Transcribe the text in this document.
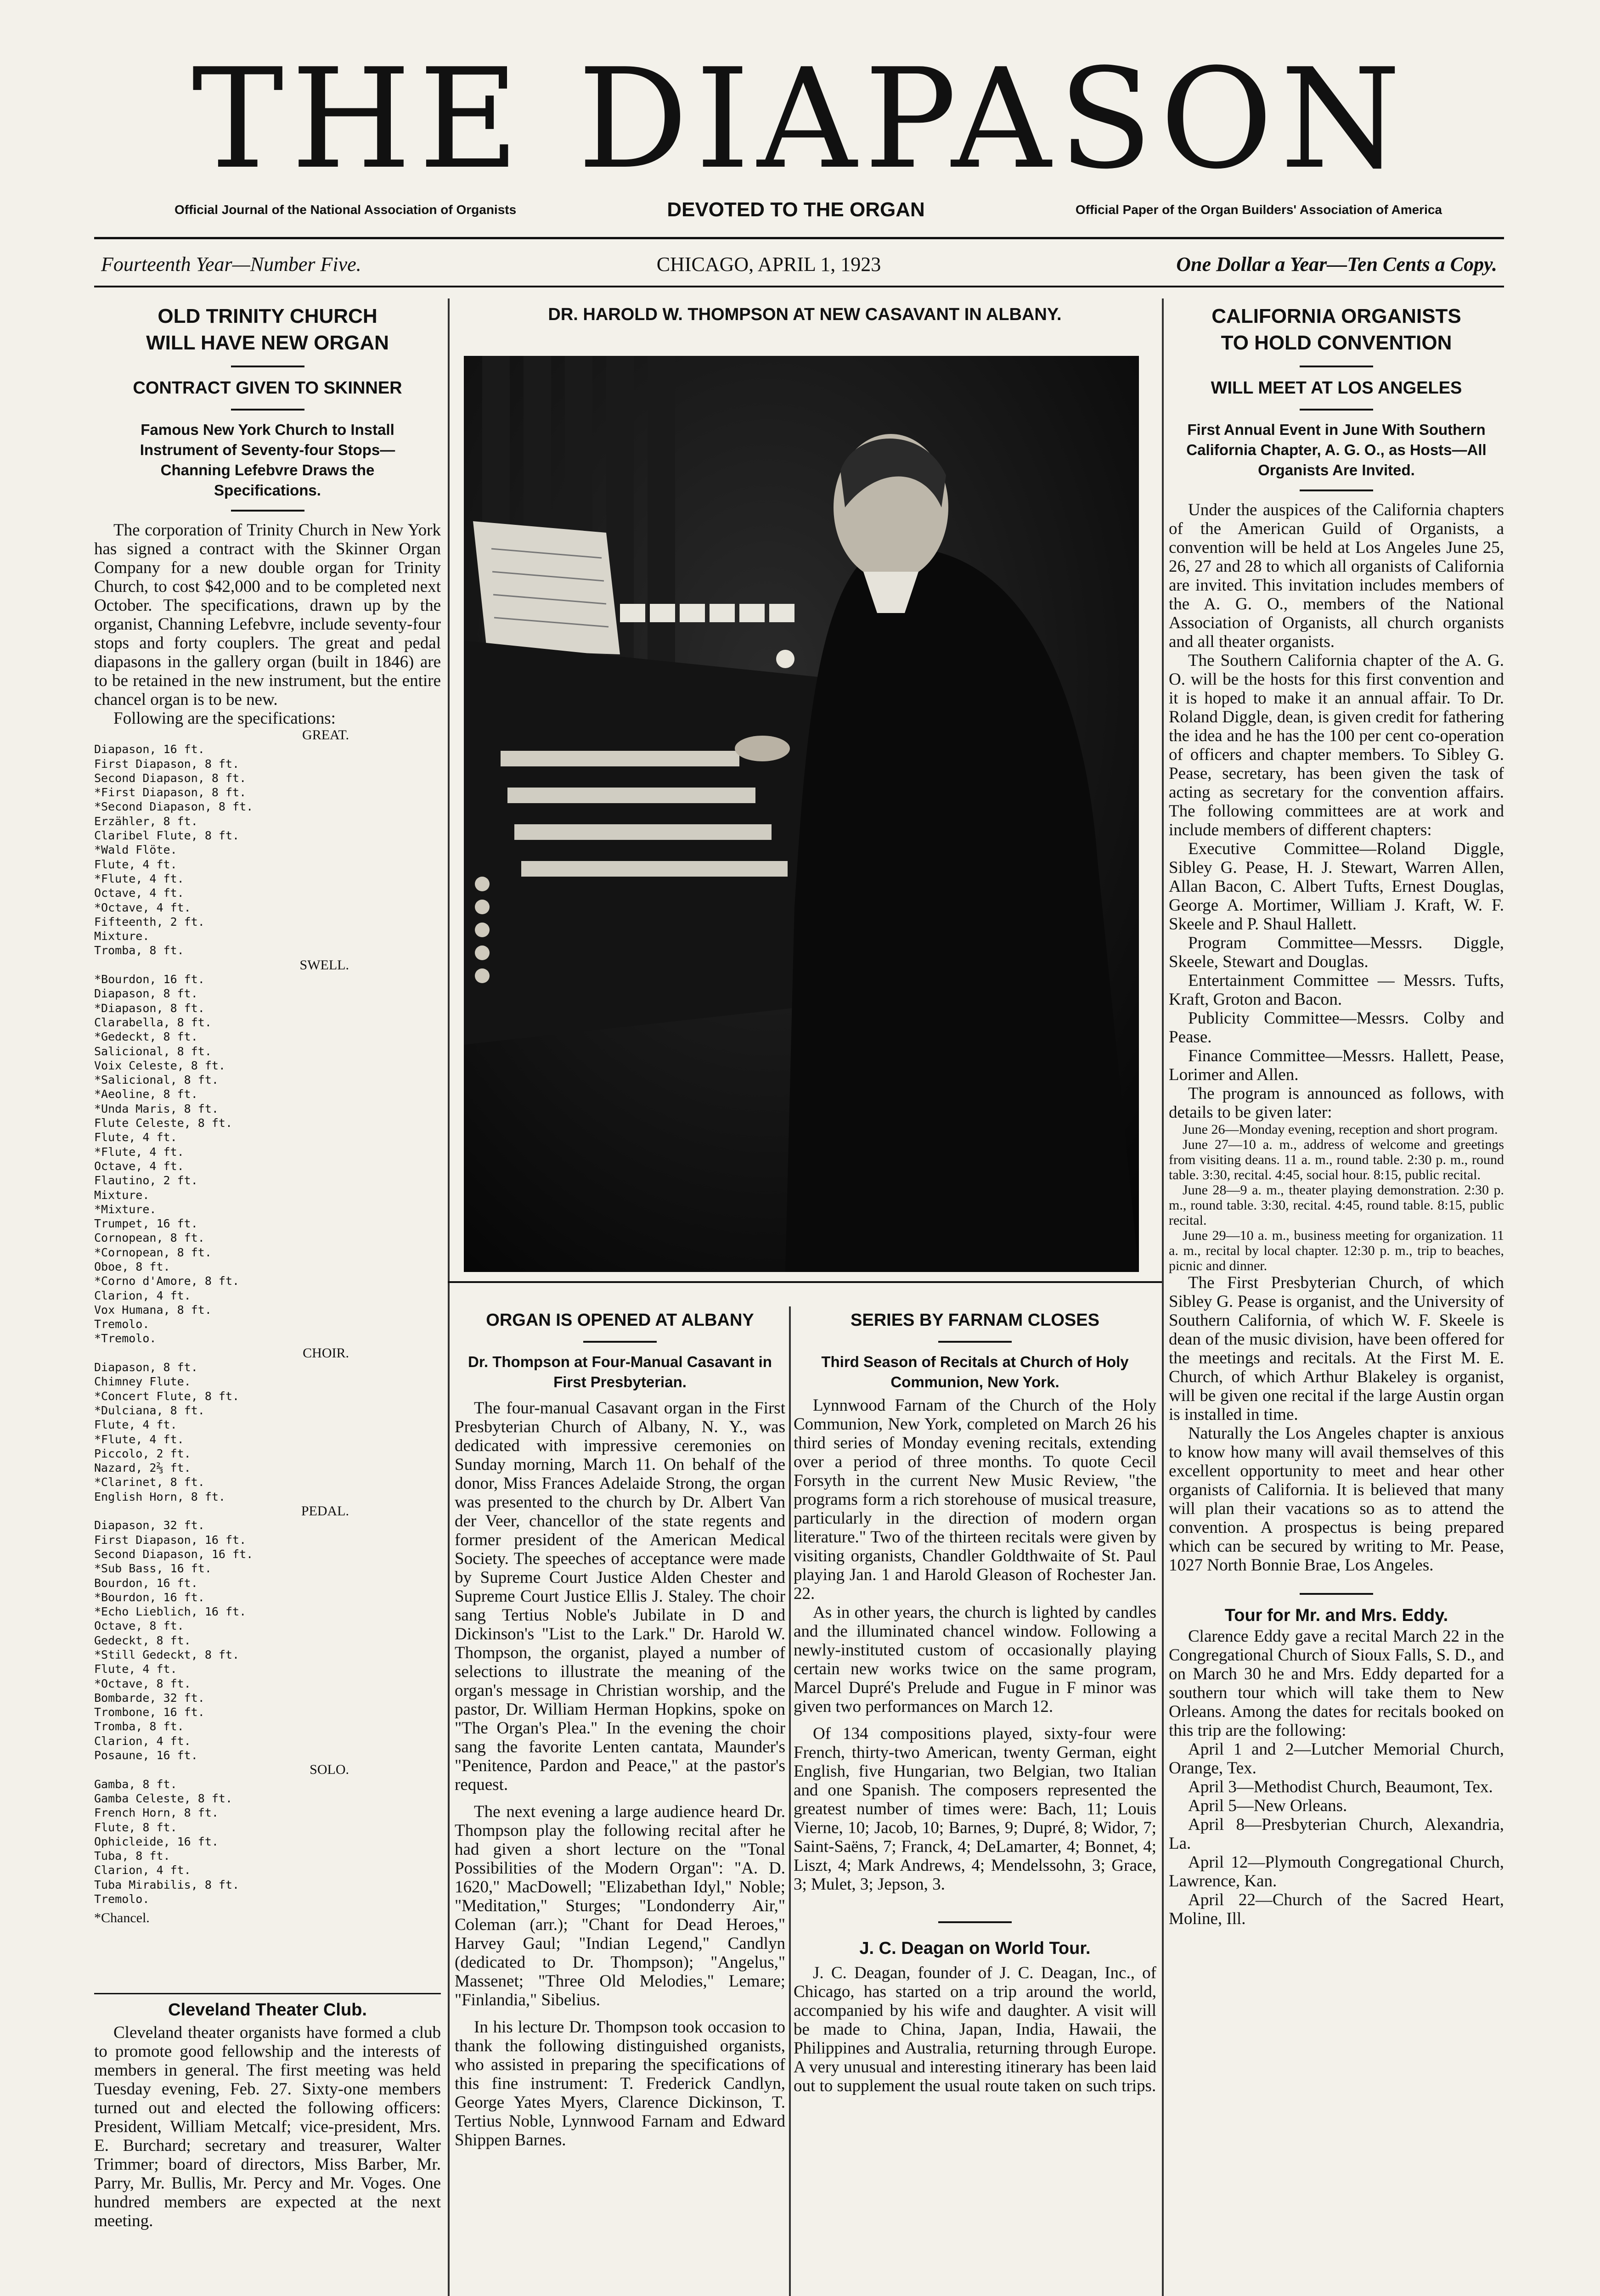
THE DIAPASON
Official Journal of the National Association of Organists	DEVOTED TO THE ORGAN	Official Paper of the Organ Builders' Association of America
Fourteenth Year—Number Five.	CHICAGO, APRIL 1, 1923	One Dollar a Year—Ten Cents a Copy.
OLD TRINITY CHURCH
WILL HAVE NEW ORGAN
CONTRACT GIVEN TO SKINNER
Famous New York Church to Install Instrument of Seventy-four Stops—Channing Lefebvre Draws the Specifications.

The corporation of Trinity Church in New York has signed a contract with the Skinner Organ Company for a new double organ for Trinity Church, to cost $42,000 and to be completed next October. The specifications, drawn up by the organist, Channing Lefebvre, include seventy-four stops and forty couplers. The great and pedal diapasons in the gallery organ (built in 1846) are to be retained in the new instrument, but the entire chancel organ is to be new.

Following are the specifications:

GREAT.
Diapason, 16 ft.
First Diapason, 8 ft.
Second Diapason, 8 ft.
*First Diapason, 8 ft.
*Second Diapason, 8 ft.
Erzähler, 8 ft.
Claribel Flute, 8 ft.
*Wald Flöte.
Flute, 4 ft.
*Flute, 4 ft.
Octave, 4 ft.
*Octave, 4 ft.
Fifteenth, 2 ft.
Mixture.
Tromba, 8 ft.
SWELL.
*Bourdon, 16 ft.
Diapason, 8 ft.
*Diapason, 8 ft.
Clarabella, 8 ft.
*Gedeckt, 8 ft.
Salicional, 8 ft.
Voix Celeste, 8 ft.
*Salicional, 8 ft.
*Aeoline, 8 ft.
*Unda Maris, 8 ft.
Flute Celeste, 8 ft.
Flute, 4 ft.
*Flute, 4 ft.
Octave, 4 ft.
Flautino, 2 ft.
Mixture.
*Mixture.
Trumpet, 16 ft.
Cornopean, 8 ft.
*Cornopean, 8 ft.
Oboe, 8 ft.
*Corno d'Amore, 8 ft.
Clarion, 4 ft.
Vox Humana, 8 ft.
Tremolo.
*Tremolo.
CHOIR.
Diapason, 8 ft.
Chimney Flute.
*Concert Flute, 8 ft.
*Dulciana, 8 ft.
Flute, 4 ft.
*Flute, 4 ft.
Piccolo, 2 ft.
Nazard, 2⅔ ft.
*Clarinet, 8 ft.
English Horn, 8 ft.
PEDAL.
Diapason, 32 ft.
First Diapason, 16 ft.
Second Diapason, 16 ft.
*Sub Bass, 16 ft.
Bourdon, 16 ft.
*Bourdon, 16 ft.
*Echo Lieblich, 16 ft.
Octave, 8 ft.
Gedeckt, 8 ft.
*Still Gedeckt, 8 ft.
Flute, 4 ft.
*Octave, 8 ft.
Bombarde, 32 ft.
Trombone, 16 ft.
Tromba, 8 ft.
Clarion, 4 ft.
Posaune, 16 ft.
SOLO.
Gamba, 8 ft.
Gamba Celeste, 8 ft.
French Horn, 8 ft.
Flute, 8 ft.
Ophicleide, 16 ft.
Tuba, 8 ft.
Clarion, 4 ft.
Tuba Mirabilis, 8 ft.
Tremolo.
*Chancel.
Cleveland Theater Club.

Cleveland theater organists have formed a club to promote good fellowship and the interests of members in general. The first meeting was held Tuesday evening, Feb. 27. Sixty-one members turned out and elected the following officers: President, William Metcalf; vice-president, Mrs. E. Burchard; secretary and treasurer, Walter Trimmer; board of directors, Miss Barber, Mr. Parry, Mr. Bullis, Mr. Percy and Mr. Voges. One hundred members are expected at the next meeting.

DR. HAROLD W. THOMPSON AT NEW CASAVANT IN ALBANY.
ORGAN IS OPENED AT ALBANY
Dr. Thompson at Four-Manual Casavant in First Presbyterian.

The four-manual Casavant organ in the First Presbyterian Church of Albany, N. Y., was dedicated with impressive ceremonies on Sunday morning, March 11. On behalf of the donor, Miss Frances Adelaide Strong, the organ was presented to the church by Dr. Albert Van der Veer, chancellor of the state regents and former president of the American Medical Society. The speeches of acceptance were made by Supreme Court Justice Alden Chester and Supreme Court Justice Ellis J. Staley. The choir sang Tertius Noble's Jubilate in D and Dickinson's "List to the Lark." Dr. Harold W. Thompson, the organist, played a number of selections to illustrate the meaning of the organ's message in Christian worship, and the pastor, Dr. William Herman Hopkins, spoke on "The Organ's Plea." In the evening the choir sang the favorite Lenten cantata, Maunder's "Penitence, Pardon and Peace," at the pastor's request.

The next evening a large audience heard Dr. Thompson play the following recital after he had given a short lecture on the "Tonal Possibilities of the Modern Organ": "A. D. 1620," MacDowell; "Elizabethan Idyl," Noble; "Meditation," Sturges; "Londonderry Air," Coleman (arr.); "Chant for Dead Heroes," Harvey Gaul; "Indian Legend," Candlyn (dedicated to Dr. Thompson); "Angelus," Massenet; "Three Old Melodies," Lemare; "Finlandia," Sibelius.

In his lecture Dr. Thompson took occasion to thank the following distinguished organists, who assisted in preparing the specifications of this fine instrument: T. Frederick Candlyn, George Yates Myers, Clarence Dickinson, T. Tertius Noble, Lynnwood Farnam and Edward Shippen Barnes.

SERIES BY FARNAM CLOSES
Third Season of Recitals at Church of Holy Communion, New York.

Lynnwood Farnam of the Church of the Holy Communion, New York, completed on March 26 his third series of Monday evening recitals, extending over a period of three months. To quote Cecil Forsyth in the current New Music Review, "the programs form a rich storehouse of musical treasure, particularly in the direction of modern organ literature." Two of the thirteen recitals were given by visiting organists, Chandler Goldthwaite of St. Paul playing Jan. 1 and Harold Gleason of Rochester Jan. 22.

As in other years, the church is lighted by candles and the illuminated chancel window. Following a newly-instituted custom of occasionally playing certain new works twice on the same program, Marcel Dupré's Prelude and Fugue in F minor was given two performances on March 12.

Of 134 compositions played, sixty-four were French, thirty-two American, twenty German, eight English, five Hungarian, two Belgian, two Italian and one Spanish. The composers represented the greatest number of times were: Bach, 11; Louis Vierne, 10; Jacob, 10; Barnes, 9; Dupré, 8; Widor, 7; Saint-Saëns, 7; Franck, 4; DeLamarter, 4; Bonnet, 4; Liszt, 4; Mark Andrews, 4; Mendelssohn, 3; Grace, 3; Mulet, 3; Jepson, 3.

J. C. Deagan on World Tour.

J. C. Deagan, founder of J. C. Deagan, Inc., of Chicago, has started on a trip around the world, accompanied by his wife and daughter. A visit will be made to China, Japan, India, Hawaii, the Philippines and Australia, returning through Europe. A very unusual and interesting itinerary has been laid out to supplement the usual route taken on such trips.

CALIFORNIA ORGANISTS
TO HOLD CONVENTION
WILL MEET AT LOS ANGELES
First Annual Event in June With Southern California Chapter, A. G. O., as Hosts—All Organists Are Invited.

Under the auspices of the California chapters of the American Guild of Organists, a convention will be held at Los Angeles June 25, 26, 27 and 28 to which all organists of California are invited. This invitation includes members of the A. G. O., members of the National Association of Organists, all church organists and all theater organists.

The Southern California chapter of the A. G. O. will be the hosts for this first convention and it is hoped to make it an annual affair. To Dr. Roland Diggle, dean, is given credit for fathering the idea and he has the 100 per cent co-operation of officers and chapter members. To Sibley G. Pease, secretary, has been given the task of acting as secretary for the convention affairs. The following committees are at work and include members of different chapters:

Executive Committee—Roland Diggle, Sibley G. Pease, H. J. Stewart, Warren Allen, Allan Bacon, C. Albert Tufts, Ernest Douglas, George A. Mortimer, William J. Kraft, W. F. Skeele and P. Shaul Hallett.

Program Committee—Messrs. Diggle, Skeele, Stewart and Douglas.

Entertainment Committee — Messrs. Tufts, Kraft, Groton and Bacon.

Publicity Committee—Messrs. Colby and Pease.

Finance Committee—Messrs. Hallett, Pease, Lorimer and Allen.

The program is announced as follows, with details to be given later:

June 26—Monday evening, reception and short program.

June 27—10 a. m., address of welcome and greetings from visiting deans. 11 a. m., round table. 2:30 p. m., round table. 3:30, recital. 4:45, social hour. 8:15, public recital.

June 28—9 a. m., theater playing demonstration. 2:30 p. m., round table. 3:30, recital. 4:45, round table. 8:15, public recital.

June 29—10 a. m., business meeting for organization. 11 a. m., recital by local chapter. 12:30 p. m., trip to beaches, picnic and dinner.

The First Presbyterian Church, of which Sibley G. Pease is organist, and the University of Southern California, of which W. F. Skeele is dean of the music division, have been offered for the meetings and recitals. At the First M. E. Church, of which Arthur Blakeley is organist, will be given one recital if the large Austin organ is installed in time.

Naturally the Los Angeles chapter is anxious to know how many will avail themselves of this excellent opportunity to meet and hear other organists of California. It is believed that many will plan their vacations so as to attend the convention. A prospectus is being prepared which can be secured by writing to Mr. Pease, 1027 North Bonnie Brae, Los Angeles.

Tour for Mr. and Mrs. Eddy.

Clarence Eddy gave a recital March 22 in the Congregational Church of Sioux Falls, S. D., and on March 30 he and Mrs. Eddy departed for a southern tour which will take them to New Orleans. Among the dates for recitals booked on this trip are the following:

April 1 and 2—Lutcher Memorial Church, Orange, Tex.

April 3—Methodist Church, Beaumont, Tex.

April 5—New Orleans.

April 8—Presbyterian Church, Alexandria, La.

April 12—Plymouth Congregational Church, Lawrence, Kan.

April 22—Church of the Sacred Heart, Moline, Ill.
